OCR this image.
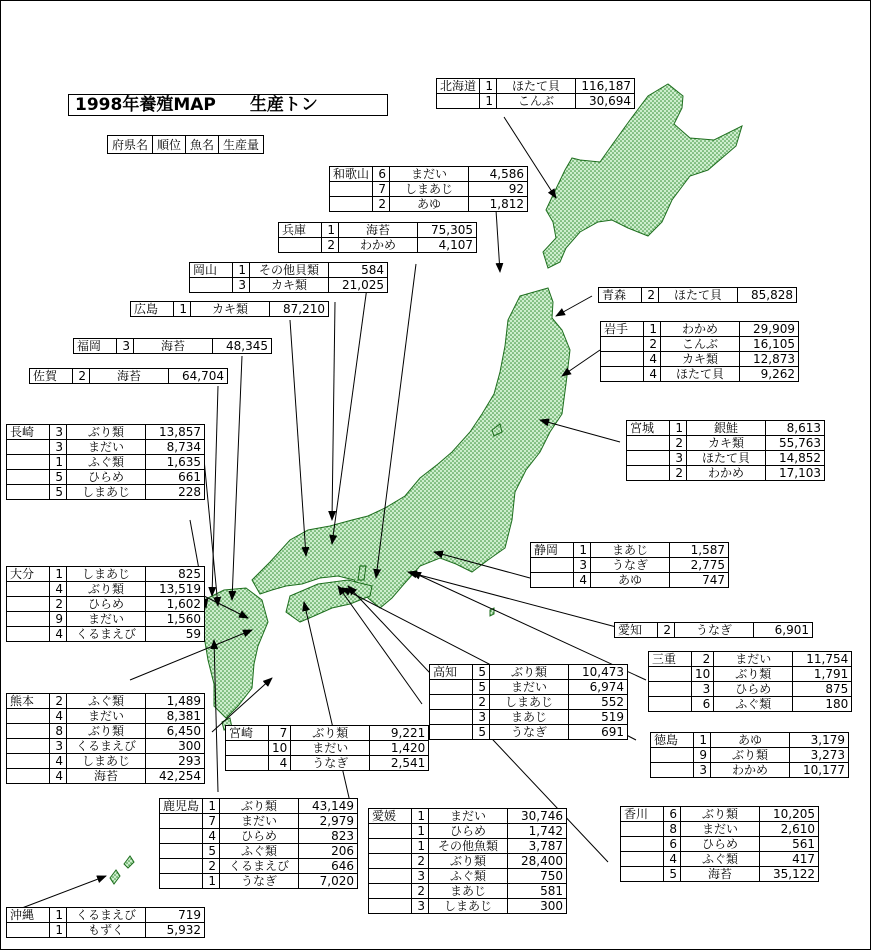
1998年養殖MAP　　生産トン
府県名	順位	魚名	生産量
北海道	1	ほたて貝	116,187
	1	こんぶ	30,694
和歌山	6	まだい	4,586
	7	しまあじ	92
	2	あゆ	1,812
兵庫	1	海苔	75,305
	2	わかめ	4,107
岡山	1	その他貝類	584
	3	カキ類	21,025
広島	1	カキ類	87,210
福岡	3	海苔	48,345
佐賀	2	海苔	64,704
長崎	3	ぶり類	13,857
	3	まだい	8,734
	1	ふぐ類	1,635
	5	ひらめ	661
	5	しまあじ	228
大分	1	しまあじ	825
	4	ぶり類	13,519
	2	ひらめ	1,602
	9	まだい	1,560
	4	くるまえび	59
熊本	2	ふぐ類	1,489
	4	まだい	8,381
	8	ぶり類	6,450
	3	くるまえび	300
	4	しまあじ	293
	4	海苔	42,254
宮崎	7	ぶり類	9,221
	10	まだい	1,420
	4	うなぎ	2,541
鹿児島	1	ぶり類	43,149
	7	まだい	2,979
	4	ひらめ	823
	5	ふぐ類	206
	2	くるまえび	646
	1	うなぎ	7,020
沖縄	1	くるまえび	719
	1	もずく	5,932
愛媛	1	まだい	30,746
	1	ひらめ	1,742
	1	その他魚類	3,787
	2	ぶり類	28,400
	3	ふぐ類	750
	2	まあじ	581
	3	しまあじ	300
高知	5	ぶり類	10,473
	5	まだい	6,974
	2	しまあじ	552
	3	まあじ	519
	5	うなぎ	691
香川	6	ぶり類	10,205
	8	まだい	2,610
	6	ひらめ	561
	4	ふぐ類	417
	5	海苔	35,122
徳島	1	あゆ	3,179
	9	ぶり類	3,273
	3	わかめ	10,177
三重	2	まだい	11,754
	10	ぶり類	1,791
	3	ひらめ	875
	6	ふぐ類	180
愛知	2	うなぎ	6,901
静岡	1	まあじ	1,587
	3	うなぎ	2,775
	4	あゆ	747
宮城	1	銀鮭	8,613
	2	カキ類	55,763
	3	ほたて貝	14,852
	2	わかめ	17,103
岩手	1	わかめ	29,909
	2	こんぶ	16,105
	4	カキ類	12,873
	4	ほたて貝	9,262
青森	2	ほたて貝	85,828
